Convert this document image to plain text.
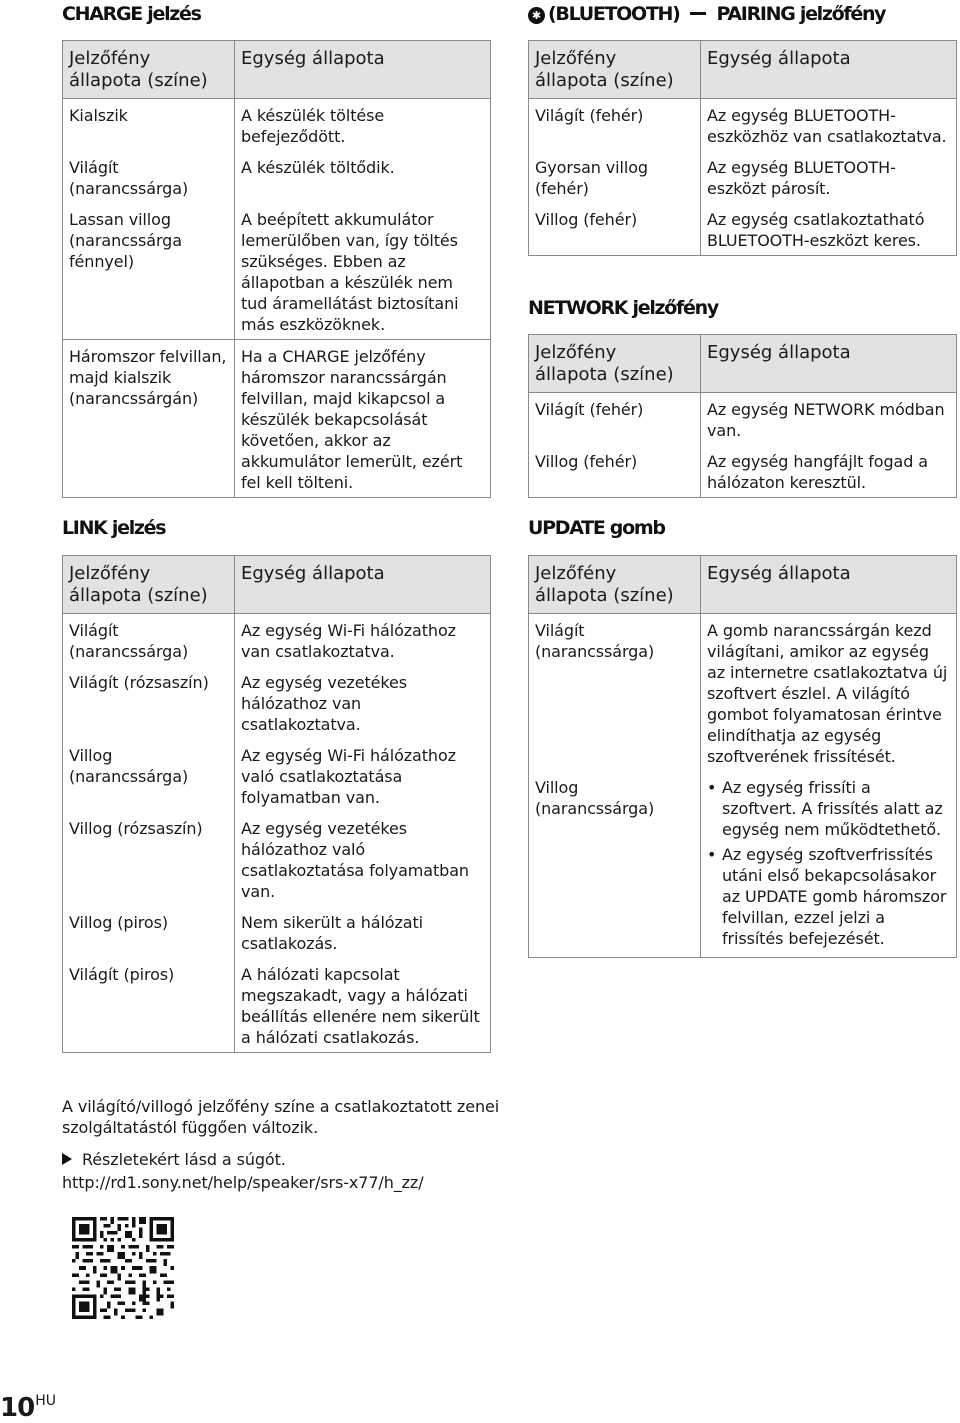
CHARGE jelzés
Jelzőfény állapota (színe)	Egység állapota
Kialszik	A készülék töltése befejeződött.
Világít (narancssárga)	A készülék töltődik.
Lassan villog (narancssárga fénnyel)	A beépített akkumulátor lemerülőben van, így töltés szükséges. Ebben az állapotban a készülék nem tud áramellátást biztosítani más eszközöknek.
Háromszor felvillan, majd kialszik (narancssárgán)	Ha a CHARGE jelzőfény háromszor narancssárgán felvillan, majd kikapcsol a készülék bekapcsolását követően, akkor az akkumulátor lemerült, ezért fel kell tölteni.
LINK jelzés
Jelzőfény állapota (színe)	Egység állapota
Világít (narancssárga)	Az egység Wi-Fi hálózathoz van csatlakoztatva.
Világít (rózsaszín)	Az egység vezetékes hálózathoz van csatlakoztatva.
Villog (narancssárga)	Az egység Wi-Fi hálózathoz való csatlakoztatása folyamatban van.
Villog (rózsaszín)	Az egység vezetékes hálózathoz való csatlakoztatása folyamatban van.
Villog (piros)	Nem sikerült a hálózati csatlakozás.
Világít (piros)	A hálózati kapcsolat megszakadt, vagy a hálózati beállítás ellenére nem sikerült a hálózati csatlakozás.

A világító/villogó jelzőfény színe a csatlakoztatott zenei szolgáltatástól függően változik.

Részletekért lásd a súgót.

http://rd1.sony.net/help/speaker/srs-x77/h_zz/

10HU
✱ (BLUETOOTH) PAIRING jelzőfény
Jelzőfény állapota (színe)	Egység állapota
Világít (fehér)	Az egység BLUETOOTH-eszközhöz van csatlakoztatva.
Gyorsan villog (fehér)	Az egység BLUETOOTH-eszközt párosít.
Villog (fehér)	Az egység csatlakoztatható BLUETOOTH-eszközt keres.
NETWORK jelzőfény
Jelzőfény állapota (színe)	Egység állapota
Világít (fehér)	Az egység NETWORK módban van.
Villog (fehér)	Az egység hangfájlt fogad a hálózaton keresztül.
UPDATE gomb
Jelzőfény állapota (színe)	Egység állapota
Világít (narancssárga)	A gomb narancssárgán kezd világítani, amikor az egység az internetre csatlakoztatva új szoftvert észlel. A világító gombot folyamatosan érintve elindíthatja az egység szoftverének frissítését.
Villog (narancssárga)	• Az egység frissíti a szoftvert. A frissítés alatt az egység nem működtethető.
• Az egység szoftverfrissítés utáni első bekapcsolásakor az UPDATE gomb háromszor felvillan, ezzel jelzi a frissítés befejezését.
